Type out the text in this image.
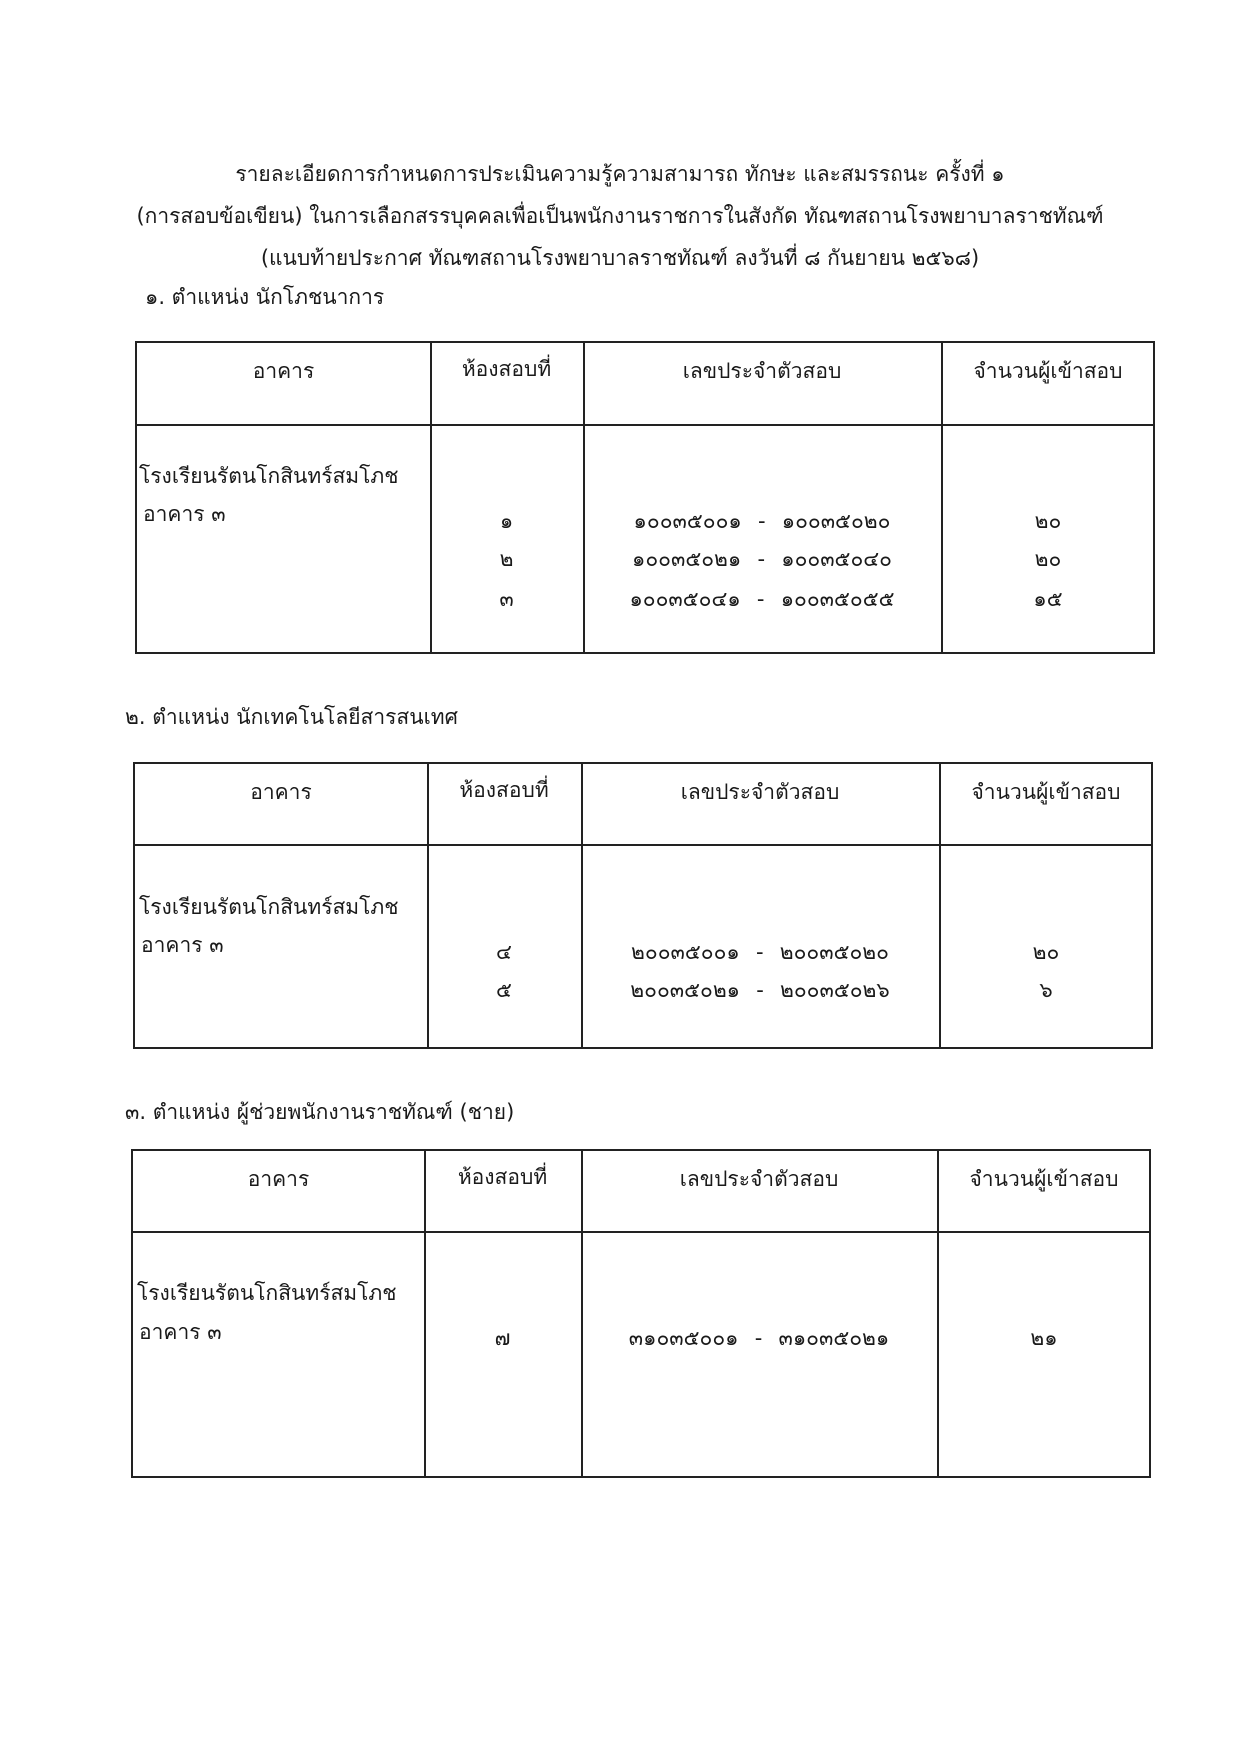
รายละเอียดการกำหนดการประเมินความรู้ความสามารถ ทักษะ และสมรรถนะ ครั้งที่ ๑
(การสอบข้อเขียน) ในการเลือกสรรบุคคลเพื่อเป็นพนักงานราชการในสังกัด ทัณฑสถานโรงพยาบาลราชทัณฑ์
(แนบท้ายประกาศ ทัณฑสถานโรงพยาบาลราชทัณฑ์ ลงวันที่ ๘ กันยายน ๒๕๖๘)
๑. ตำแหน่ง นักโภชนาการ
อาคาร	ห้องสอบที่	เลขประจำตัวสอบ	จำนวนผู้เข้าสอบ
โรงเรียนรัตนโกสินทร์สมโภช
อาคาร ๓	๑	๑๐๐๓๕๐๐๑ - ๑๐๐๓๕๐๒๐	๒๐
๒	๑๐๐๓๕๐๒๑ - ๑๐๐๓๕๐๔๐	๒๐
๓	๑๐๐๓๕๐๔๑ - ๑๐๐๓๕๐๕๕	๑๕
๒. ตำแหน่ง นักเทคโนโลยีสารสนเทศ
อาคาร	ห้องสอบที่	เลขประจำตัวสอบ	จำนวนผู้เข้าสอบ
โรงเรียนรัตนโกสินทร์สมโภช
อาคาร ๓	๔	๒๐๐๓๕๐๐๑ - ๒๐๐๓๕๐๒๐	๒๐
๕	๒๐๐๓๕๐๒๑ - ๒๐๐๓๕๐๒๖	๖
๓. ตำแหน่ง ผู้ช่วยพนักงานราชทัณฑ์ (ชาย)
อาคาร	ห้องสอบที่	เลขประจำตัวสอบ	จำนวนผู้เข้าสอบ
โรงเรียนรัตนโกสินทร์สมโภช
อาคาร ๓	๗	๓๑๐๓๕๐๐๑ - ๓๑๐๓๕๐๒๑	๒๑
